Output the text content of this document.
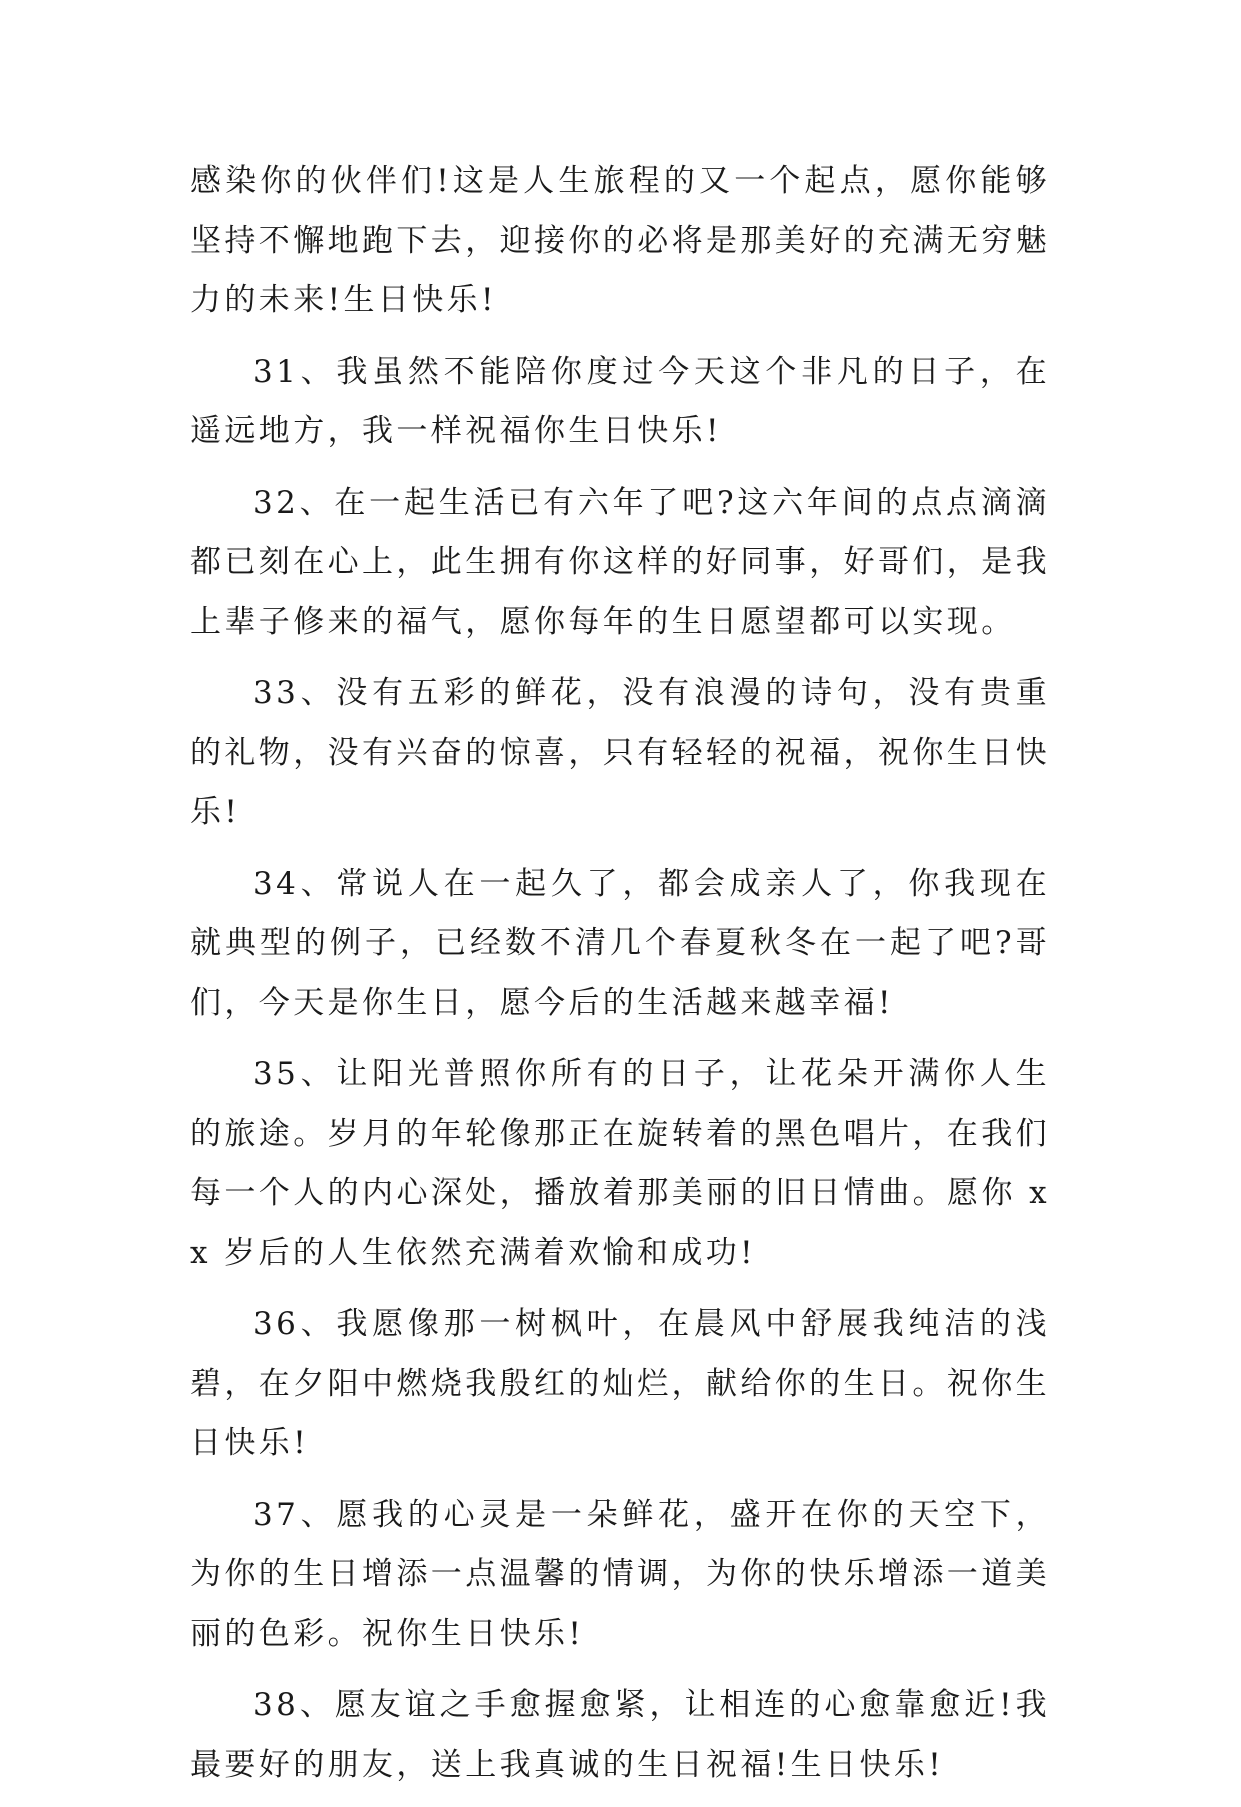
感染你的伙伴们!这是人生旅程的又一个起点，愿你能够坚持不懈地跑下去，迎接你的必将是那美好的充满无穷魅力的未来!生日快乐!

31、我虽然不能陪你度过今天这个非凡的日子，在遥远地方，我一样祝福你生日快乐!

32、在一起生活已有六年了吧?这六年间的点点滴滴都已刻在心上，此生拥有你这样的好同事，好哥们，是我上辈子修来的福气，愿你每年的生日愿望都可以实现。

33、没有五彩的鲜花，没有浪漫的诗句，没有贵重的礼物，没有兴奋的惊喜，只有轻轻的祝福，祝你生日快乐!

34、常说人在一起久了，都会成亲人了，你我现在就典型的例子，已经数不清几个春夏秋冬在一起了吧?哥们，今天是你生日，愿今后的生活越来越幸福!

35、让阳光普照你所有的日子，让花朵开满你人生的旅途。岁月的年轮像那正在旋转着的黑色唱片，在我们每一个人的内心深处，播放着那美丽的旧日情曲。愿你 xx 岁后的人生依然充满着欢愉和成功!

36、我愿像那一树枫叶，在晨风中舒展我纯洁的浅碧，在夕阳中燃烧我殷红的灿烂，献给你的生日。祝你生日快乐!

37、愿我的心灵是一朵鲜花，盛开在你的天空下，为你的生日增添一点温馨的情调，为你的快乐增添一道美丽的色彩。祝你生日快乐!

38、愿友谊之手愈握愈紧，让相连的心愈靠愈近!我最要好的朋友，送上我真诚的生日祝福!生日快乐!
